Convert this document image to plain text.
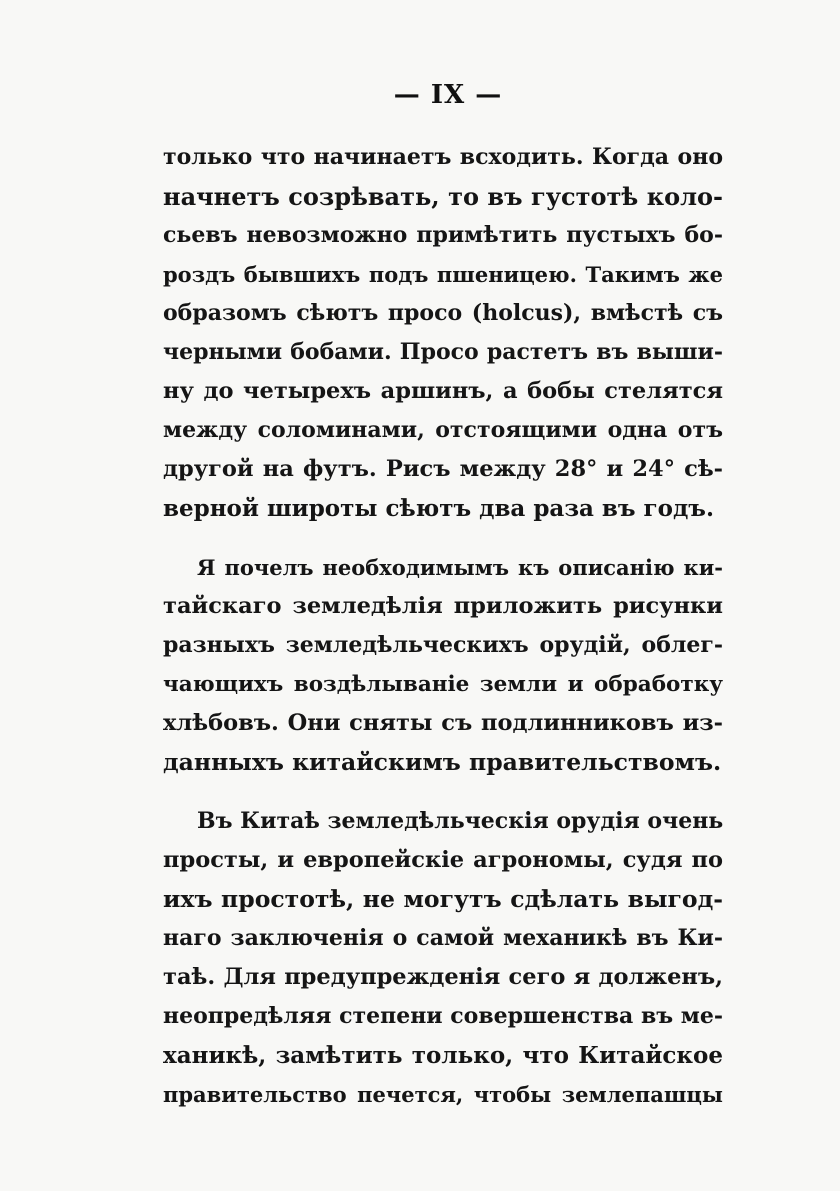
— IX —
только что начинаетъ всходить. Когда оно
начнетъ созрѣвать, то въ густотѣ коло-
сьевъ невозможно примѣтить пустыхъ бо-
роздъ бывшихъ подъ пшеницею. Такимъ же
образомъ сѣютъ просо (holcus), вмѣстѣ съ
черными бобами. Просо растетъ въ выши-
ну до четырехъ аршинъ, а бобы стелятся
между соломинами, отстоящими одна отъ
другой на футъ. Рисъ между 28° и 24° сѣ-
верной широты сѣютъ два раза въ годъ.
Я почелъ необходимымъ къ описанію ки-
тайскаго земледѣлія приложить рисунки
разныхъ земледѣльческихъ орудій, облег-
чающихъ воздѣлываніе земли и обработку
хлѣбовъ. Они сняты съ подлинниковъ из-
данныхъ китайскимъ правительствомъ.
Въ Китаѣ земледѣльческія орудія очень
просты, и европейскіе агрономы, судя по
ихъ простотѣ, не могутъ сдѣлать выгод-
наго заключенія о самой механикѣ въ Ки-
таѣ. Для предупрежденія сего я долженъ,
неопредѣляя степени совершенства въ ме-
ханикѣ, замѣтить только, что Китайское
правительство печется, чтобы землепашцы
